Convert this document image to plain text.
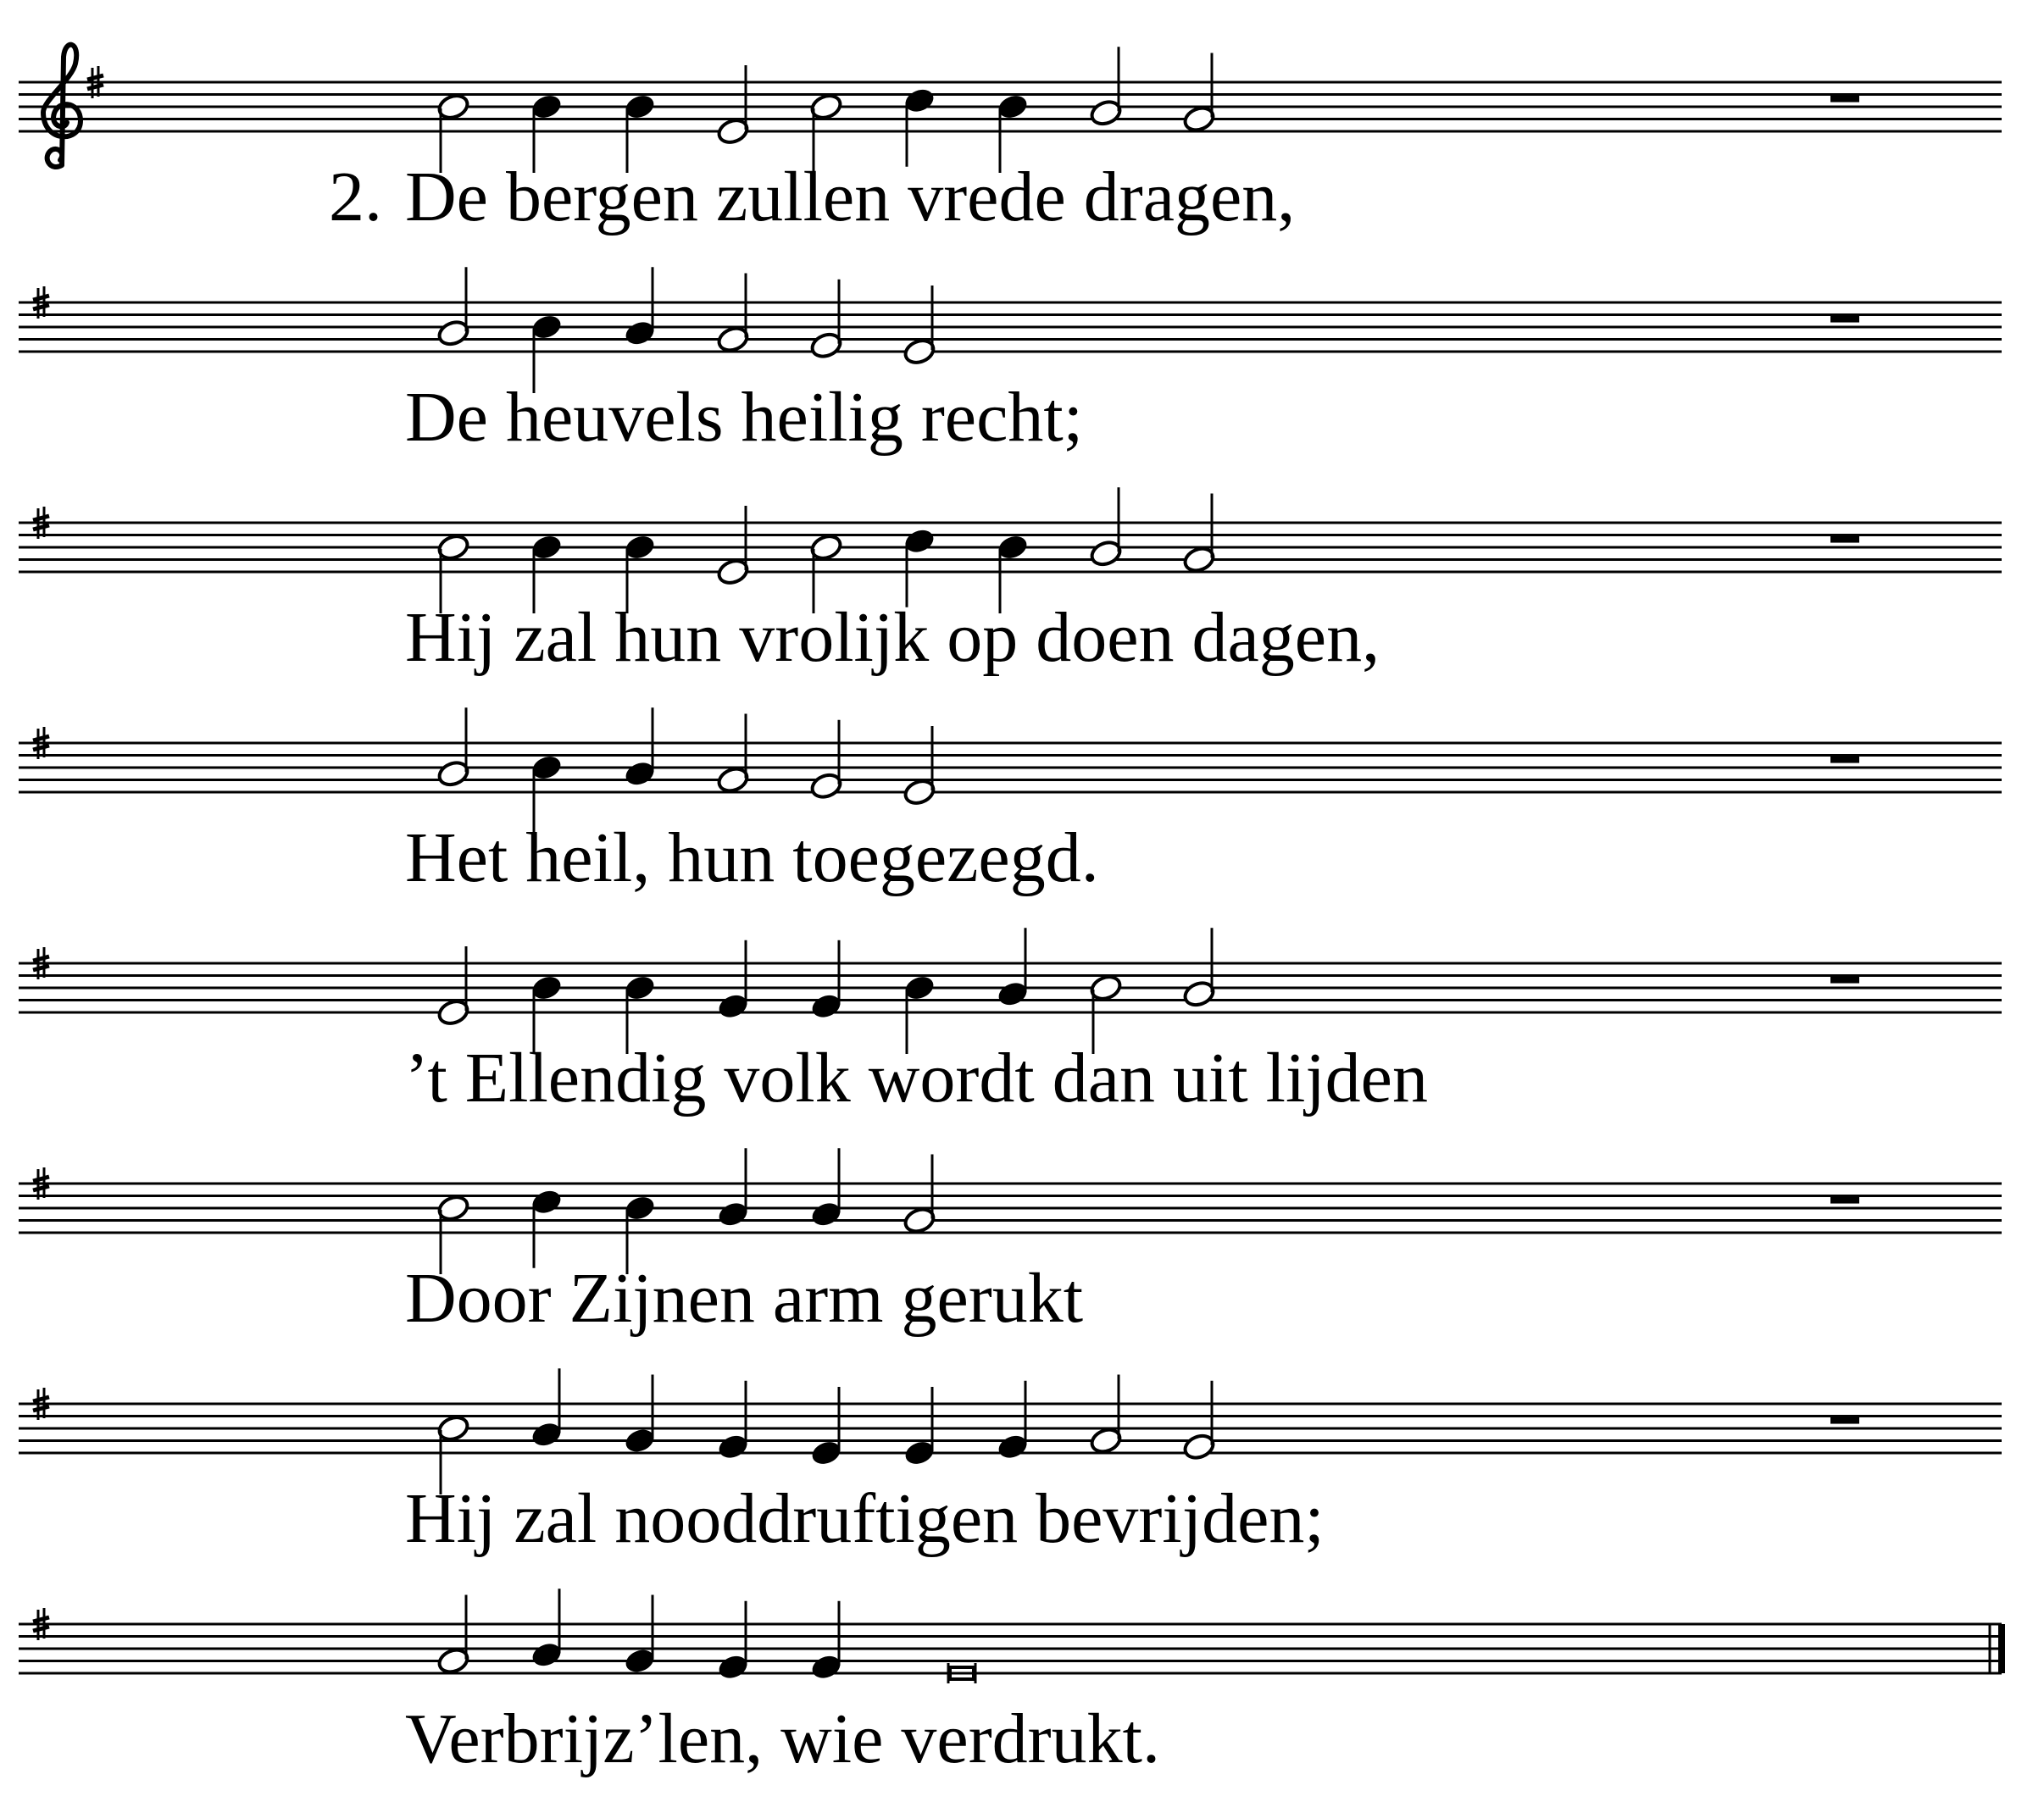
2. De bergen zullen vrede dragen,
De heuvels heilig recht;
Hij zal hun vrolijk op doen dagen,
Het heil, hun toegezegd.
’t Ellendig volk wordt dan uit lijden
Door Zijnen arm gerukt
Hij zal nooddruftigen bevrijden;
Verbrijz’len, wie verdrukt.
